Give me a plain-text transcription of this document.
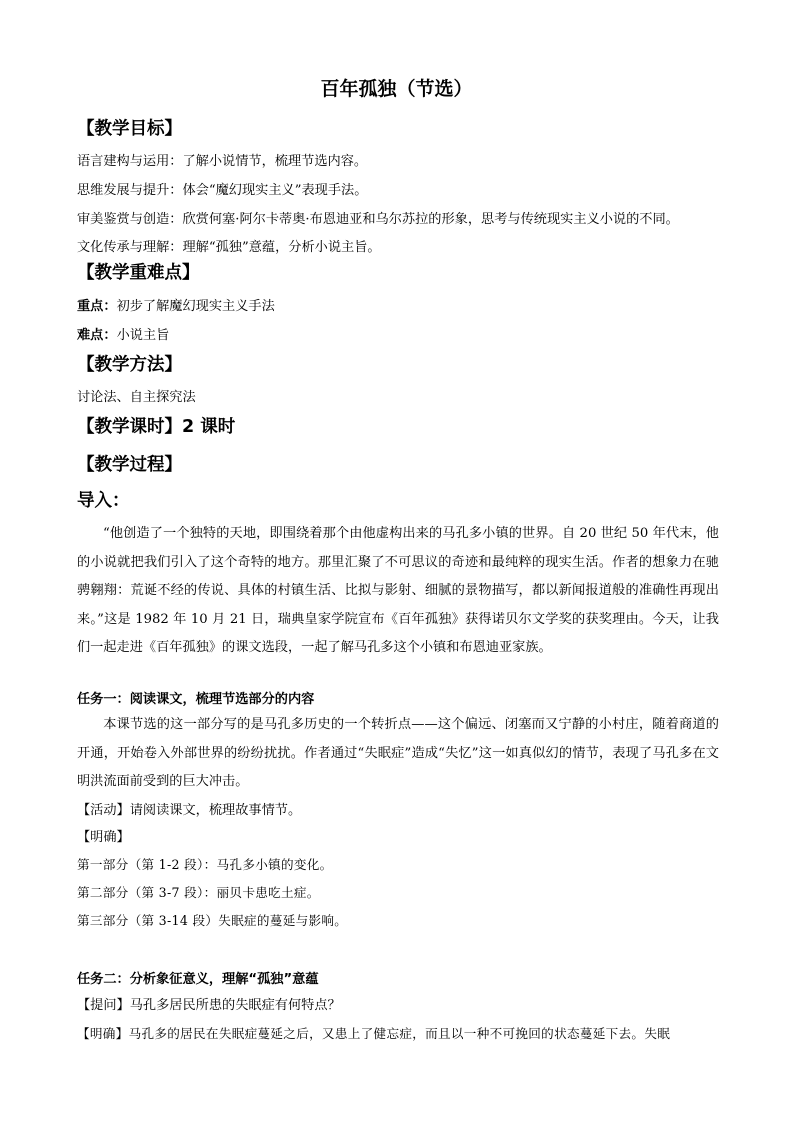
百年孤独（节选）
【教学目标】
语言建构与运用：了解小说情节，梳理节选内容。
思维发展与提升：体会“魔幻现实主义”表现手法。
审美鉴赏与创造：欣赏何塞·阿尔卡蒂奥·布恩迪亚和乌尔苏拉的形象，思考与传统现实主义小说的不同。
文化传承与理解：理解“孤独”意蕴，分析小说主旨。
【教学重难点】
重点：初步了解魔幻现实主义手法
难点：小说主旨
【教学方法】
讨论法、自主探究法
【教学课时】2 课时
【教学过程】
导入：
“他创造了一个独特的天地，即围绕着那个由他虚构出来的马孔多小镇的世界。自 20 世纪 50 年代末，他的小说就把我们引入了这个奇特的地方。那里汇聚了不可思议的奇迹和最纯粹的现实生活。作者的想象力在驰骋翱翔：荒诞不经的传说、具体的村镇生活、比拟与影射、细腻的景物描写，都以新闻报道般的准确性再现出来。”这是 1982 年 10 月 21 日，瑞典皇家学院宣布《百年孤独》获得诺贝尔文学奖的获奖理由。今天，让我们一起走进《百年孤独》的课文选段，一起了解马孔多这个小镇和布恩迪亚家族。
任务一：阅读课文，梳理节选部分的内容
本课节选的这一部分写的是马孔多历史的一个转折点——这个偏远、闭塞而又宁静的小村庄，随着商道的开通，开始卷入外部世界的纷纷扰扰。作者通过“失眠症”造成“失忆”这一如真似幻的情节，表现了马孔多在文明洪流面前受到的巨大冲击。
【活动】请阅读课文，梳理故事情节。
【明确】
第一部分（第 1-2 段）：马孔多小镇的变化。
第二部分（第 3-7 段）：丽贝卡患吃土症。
第三部分（第 3-14 段）失眠症的蔓延与影响。
任务二：分析象征意义，理解“孤独”意蕴
【提问】马孔多居民所患的失眠症有何特点？
【明确】马孔多的居民在失眠症蔓延之后，又患上了健忘症，而且以一种不可挽回的状态蔓延下去。失眠
